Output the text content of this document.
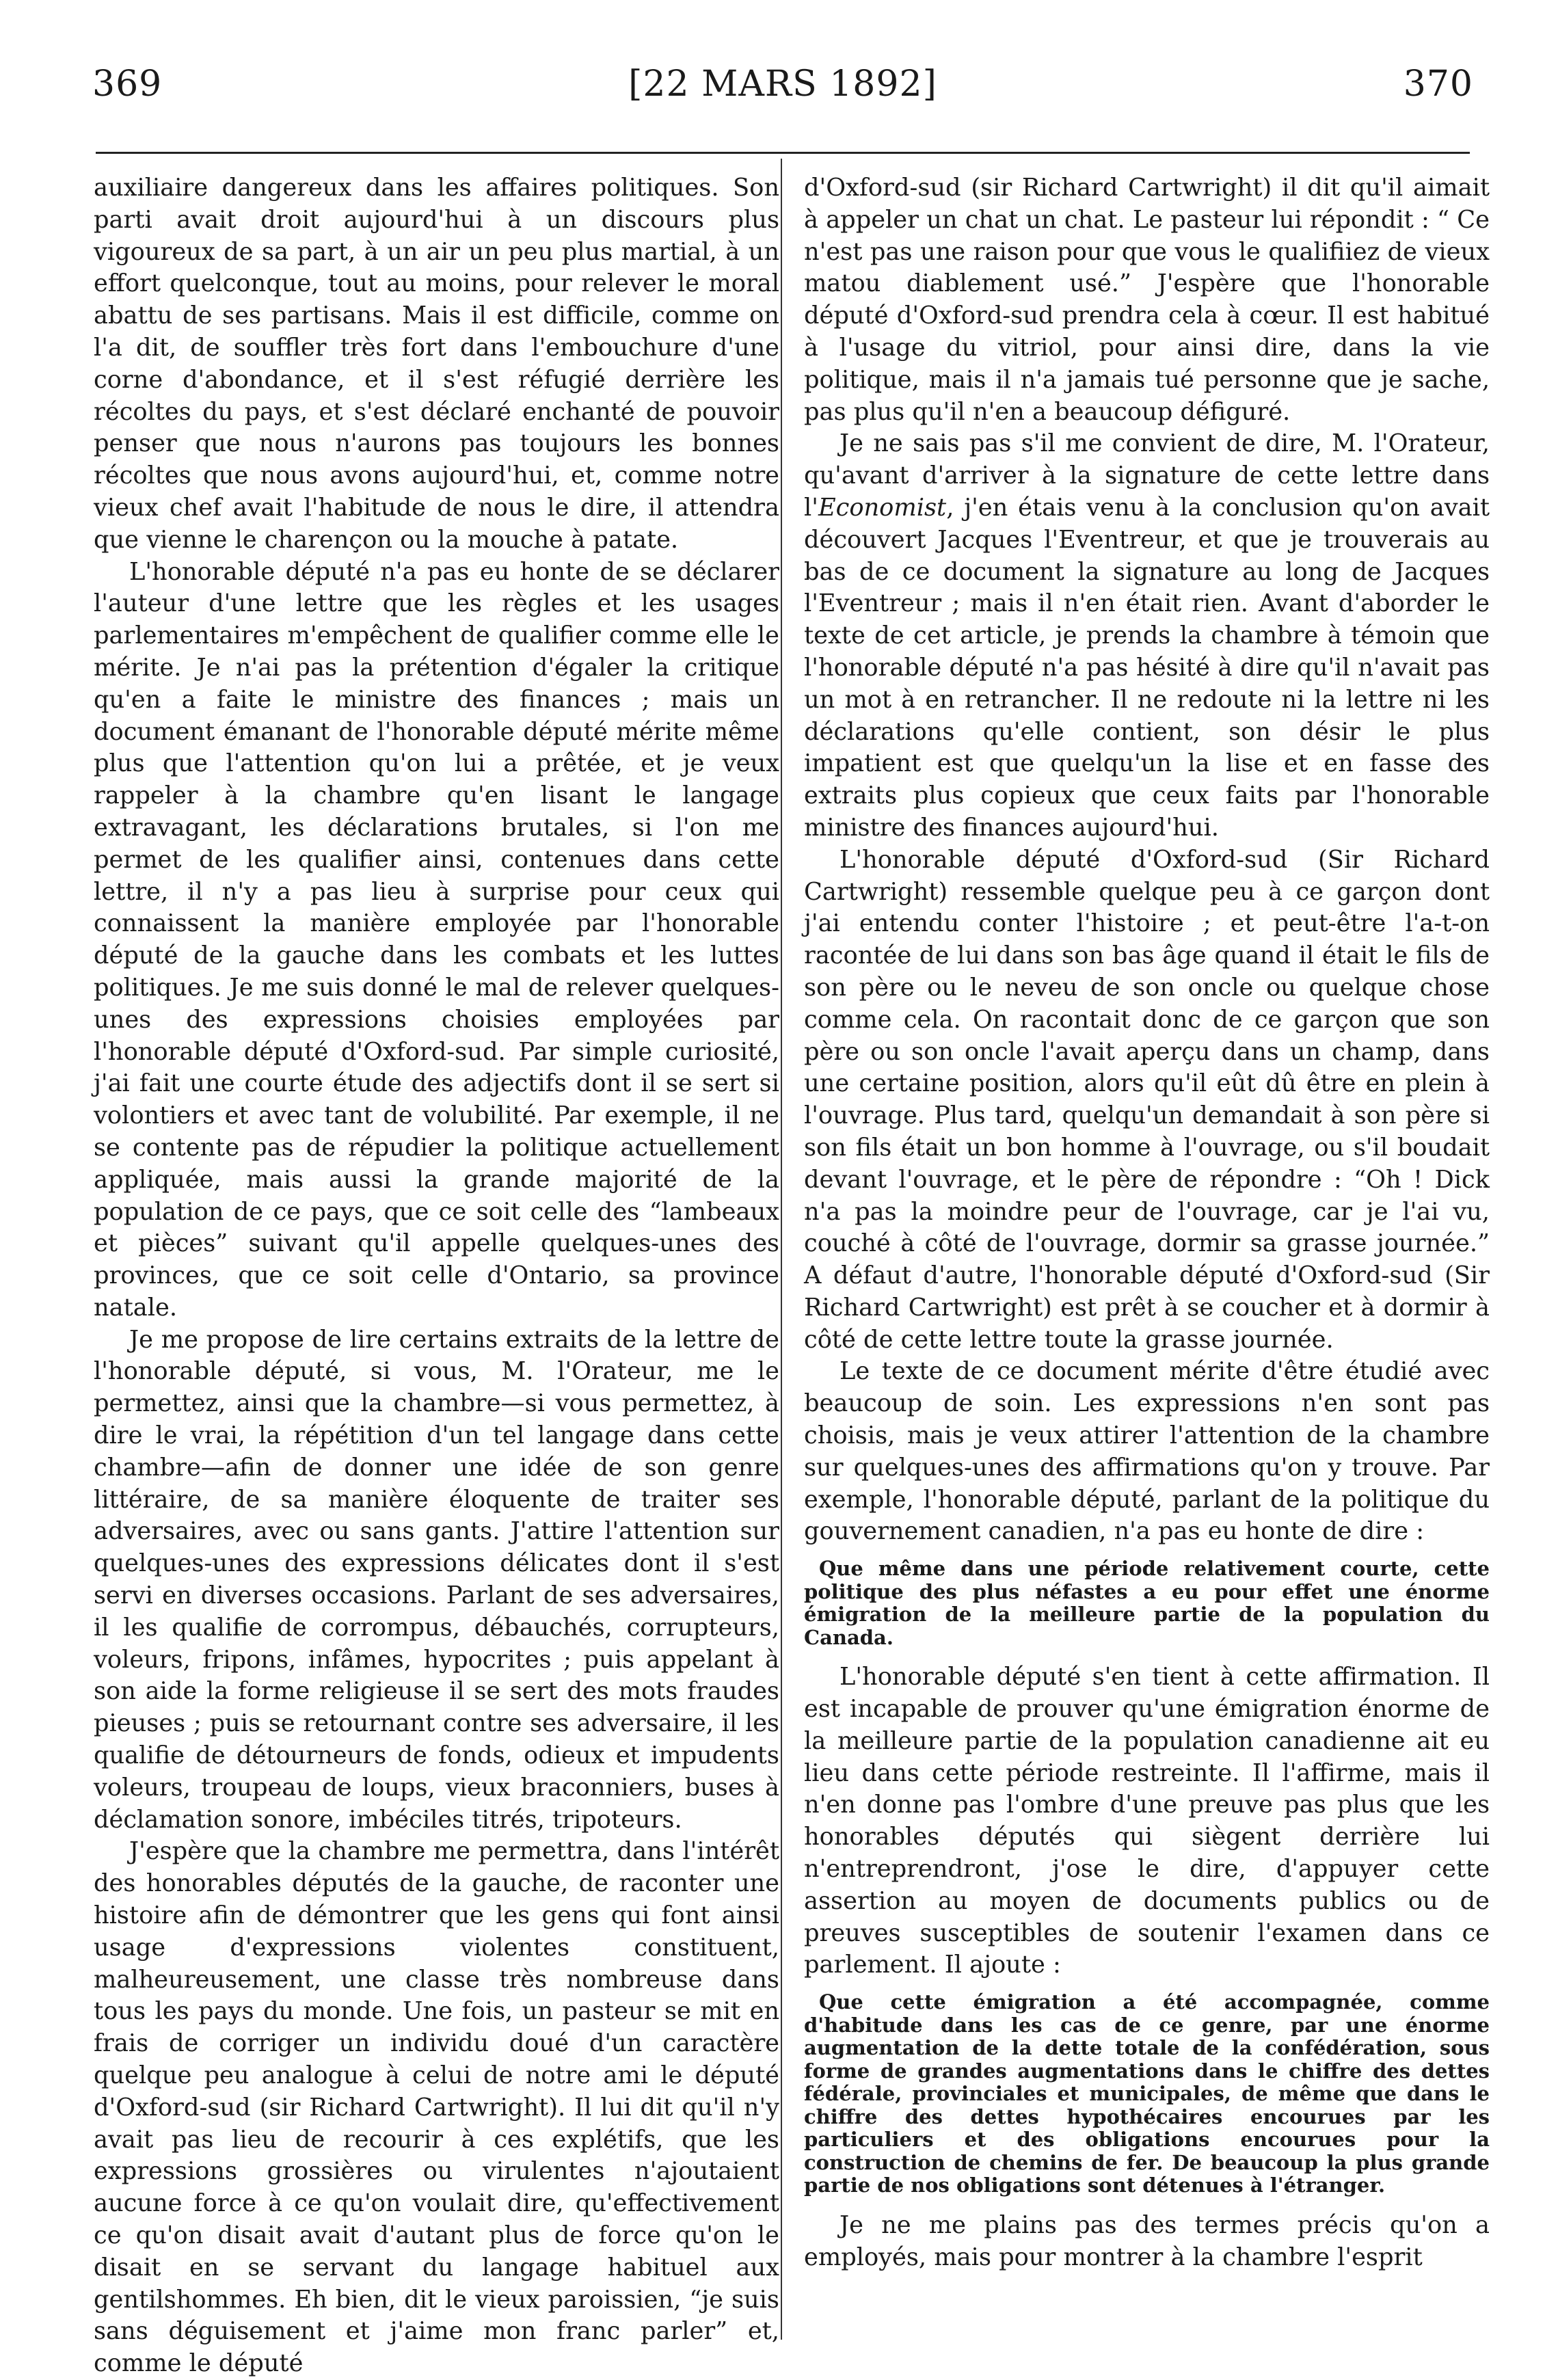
369	[22 MARS 1892]	370

auxiliaire dangereux dans les affaires politiques. Son parti avait droit aujourd'hui à un discours plus vigoureux de sa part, à un air un peu plus martial, à un effort quelconque, tout au moins, pour relever le moral abattu de ses partisans. Mais il est difficile, comme on l'a dit, de souffler très fort dans l'embouchure d'une corne d'abondance, et il s'est réfugié derrière les récoltes du pays, et s'est déclaré enchanté de pouvoir penser que nous n'aurons pas toujours les bonnes récoltes que nous avons aujourd'hui, et, comme notre vieux chef avait l'habitude de nous le dire, il attendra que vienne le charençon ou la mouche à patate.

L'honorable député n'a pas eu honte de se déclarer l'auteur d'une lettre que les règles et les usages parlementaires m'empêchent de qualifier comme elle le mérite. Je n'ai pas la prétention d'égaler la critique qu'en a faite le ministre des finances ; mais un document émanant de l'honorable député mérite même plus que l'attention qu'on lui a prêtée, et je veux rappeler à la chambre qu'en lisant le langage extravagant, les déclarations brutales, si l'on me permet de les qualifier ainsi, contenues dans cette lettre, il n'y a pas lieu à surprise pour ceux qui connaissent la manière employée par l'honorable député de la gauche dans les combats et les luttes politiques. Je me suis donné le mal de relever quelques-unes des expressions choisies employées par l'honorable député d'Oxford-sud. Par simple curiosité, j'ai fait une courte étude des adjectifs dont il se sert si volontiers et avec tant de volubilité. Par exemple, il ne se contente pas de répudier la politique actuellement appliquée, mais aussi la grande majorité de la population de ce pays, que ce soit celle des “lambeaux et pièces” suivant qu'il appelle quelques-unes des provinces, que ce soit celle d'Ontario, sa province natale.

Je me propose de lire certains extraits de la lettre de l'honorable député, si vous, M. l'Orateur, me le permettez, ainsi que la chambre—si vous permettez, à dire le vrai, la répétition d'un tel langage dans cette chambre—afin de donner une idée de son genre littéraire, de sa manière éloquente de traiter ses adversaires, avec ou sans gants. J'attire l'attention sur quelques-unes des expressions délicates dont il s'est servi en diverses occasions. Parlant de ses adversaires, il les qualifie de corrompus, débauchés, corrupteurs, voleurs, fripons, infâmes, hypocrites ; puis appelant à son aide la forme religieuse il se sert des mots fraudes pieuses ; puis se retournant contre ses adversaire, il les qualifie de détourneurs de fonds, odieux et impudents voleurs, troupeau de loups, vieux braconniers, buses à déclamation sonore, imbéciles titrés, tripoteurs.

J'espère que la chambre me permettra, dans l'intérêt des honorables députés de la gauche, de raconter une histoire afin de démontrer que les gens qui font ainsi usage d'expressions violentes constituent, malheureusement, une classe très nombreuse dans tous les pays du monde. Une fois, un pasteur se mit en frais de corriger un individu doué d'un caractère quelque peu analogue à celui de notre ami le député d'Oxford-sud (sir Richard Cartwright). Il lui dit qu'il n'y avait pas lieu de recourir à ces explétifs, que les expressions grossières ou virulentes n'ajoutaient aucune force à ce qu'on voulait dire, qu'effectivement ce qu'on disait avait d'autant plus de force qu'on le disait en se servant du langage habituel aux gentilshommes. Eh bien, dit le vieux paroissien, “je suis sans déguisement et j'aime mon franc parler” et, comme le député

d'Oxford-sud (sir Richard Cartwright) il dit qu'il aimait à appeler un chat un chat. Le pasteur lui répondit : “ Ce n'est pas une raison pour que vous le qualifiiez de vieux matou diablement usé.” J'espère que l'honorable député d'Oxford-sud prendra cela à cœur. Il est habitué à l'usage du vitriol, pour ainsi dire, dans la vie politique, mais il n'a jamais tué personne que je sache, pas plus qu'il n'en a beaucoup défiguré.

Je ne sais pas s'il me convient de dire, M. l'Orateur, qu'avant d'arriver à la signature de cette lettre dans l'Economist, j'en étais venu à la conclusion qu'on avait découvert Jacques l'Eventreur, et que je trouverais au bas de ce document la signature au long de Jacques l'Eventreur ; mais il n'en était rien. Avant d'aborder le texte de cet article, je prends la chambre à témoin que l'honorable député n'a pas hésité à dire qu'il n'avait pas un mot à en retrancher. Il ne redoute ni la lettre ni les déclarations qu'elle contient, son désir le plus impatient est que quelqu'un la lise et en fasse des extraits plus copieux que ceux faits par l'honorable ministre des finances aujourd'hui.

L'honorable député d'Oxford-sud (Sir Richard Cartwright) ressemble quelque peu à ce garçon dont j'ai entendu conter l'histoire ; et peut-être l'a-t-on racontée de lui dans son bas âge quand il était le fils de son père ou le neveu de son oncle ou quelque chose comme cela. On racontait donc de ce garçon que son père ou son oncle l'avait aperçu dans un champ, dans une certaine position, alors qu'il eût dû être en plein à l'ouvrage. Plus tard, quelqu'un demandait à son père si son fils était un bon homme à l'ouvrage, ou s'il boudait devant l'ouvrage, et le père de répondre : “Oh ! Dick n'a pas la moindre peur de l'ouvrage, car je l'ai vu, couché à côté de l'ouvrage, dormir sa grasse journée.” A défaut d'autre, l'honorable député d'Oxford-sud (Sir Richard Cartwright) est prêt à se coucher et à dormir à côté de cette lettre toute la grasse journée.

Le texte de ce document mérite d'être étudié avec beaucoup de soin. Les expressions n'en sont pas choisis, mais je veux attirer l'attention de la chambre sur quelques-unes des affirmations qu'on y trouve. Par exemple, l'honorable député, parlant de la politique du gouvernement canadien, n'a pas eu honte de dire :

Que même dans une période relativement courte, cette politique des plus néfastes a eu pour effet une énorme émigration de la meilleure partie de la population du Canada.

L'honorable député s'en tient à cette affirmation. Il est incapable de prouver qu'une émigration énorme de la meilleure partie de la population canadienne ait eu lieu dans cette période restreinte. Il l'affirme, mais il n'en donne pas l'ombre d'une preuve pas plus que les honorables députés qui siègent derrière lui n'entreprendront, j'ose le dire, d'appuyer cette assertion au moyen de documents publics ou de preuves susceptibles de soutenir l'examen dans ce parlement. Il ajoute :

Que cette émigration a été accompagnée, comme d'habitude dans les cas de ce genre, par une énorme augmentation de la dette totale de la confédération, sous forme de grandes augmentations dans le chiffre des dettes fédérale, provinciales et municipales, de même que dans le chiffre des dettes hypothécaires encourues par les particuliers et des obligations encourues pour la construction de chemins de fer. De beaucoup la plus grande partie de nos obligations sont détenues à l'étranger.

Je ne me plains pas des termes précis qu'on a employés, mais pour montrer à la chambre l'esprit
